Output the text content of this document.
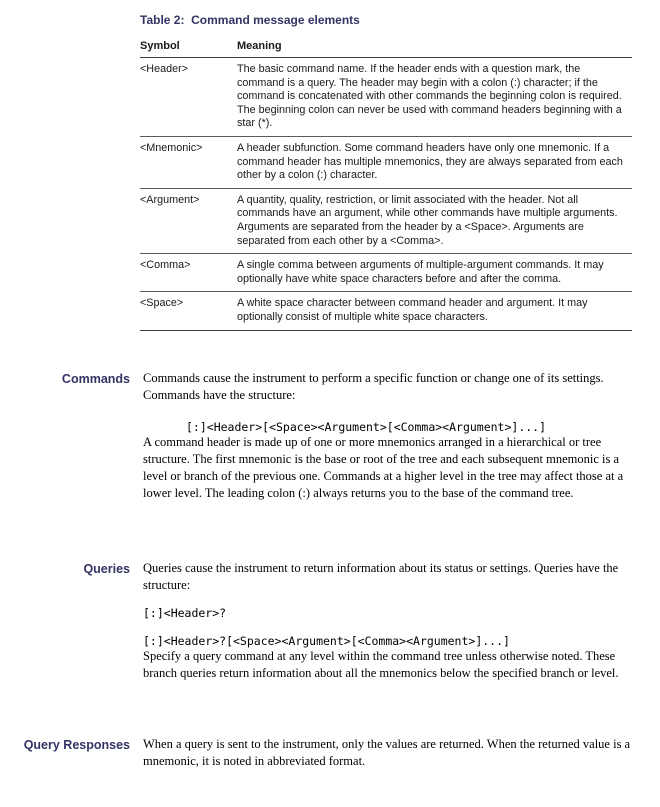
Table 2:  Command message elements
Symbol	Meaning
<Header>	The basic command name. If the header ends with a question mark, the command is a query. The header may begin with a colon (:) character; if the command is concatenated with other commands the beginning colon is required. The beginning colon can never be used with command headers beginning with a star (*).
<Mnemonic>	A header subfunction. Some command headers have only one mnemonic. If a command header has multiple mnemonics, they are always separated from each other by a colon (:) character.
<Argument>	A quantity, quality, restriction, or limit associated with the header. Not all commands have an argument, while other commands have multiple arguments. Arguments are separated from the header by a <Space>. Arguments are separated from each other by a <Comma>.
<Comma>	A single comma between arguments of multiple-argument commands. It may optionally have white space characters before and after the comma.
<Space>	A white space character between command header and argument. It may optionally consist of multiple white space characters.
Commands Commands cause the instrument to perform a specific function or change one of its settings. Commands have the structure:

[:]<Header>[<Space><Argument>[<Comma><Argument>]...]

A command header is made up of one or more mnemonics arranged in a hierarchical or tree structure. The first mnemonic is the base or root of the tree and each subsequent mnemonic is a level or branch of the previous one. Commands at a higher level in the tree may affect those at a lower level. The leading colon (:) always returns you to the base of the command tree.

Queries Queries cause the instrument to return information about its status or settings. Queries have the structure:

[:]<Header>?
[:]<Header>?[<Space><Argument>[<Comma><Argument>]...]

Specify a query command at any level within the command tree unless otherwise noted. These branch queries return information about all the mnemonics below the specified branch or level.

Query Responses When a query is sent to the instrument, only the values are returned. When the returned value is a mnemonic, it is noted in abbreviated format.
